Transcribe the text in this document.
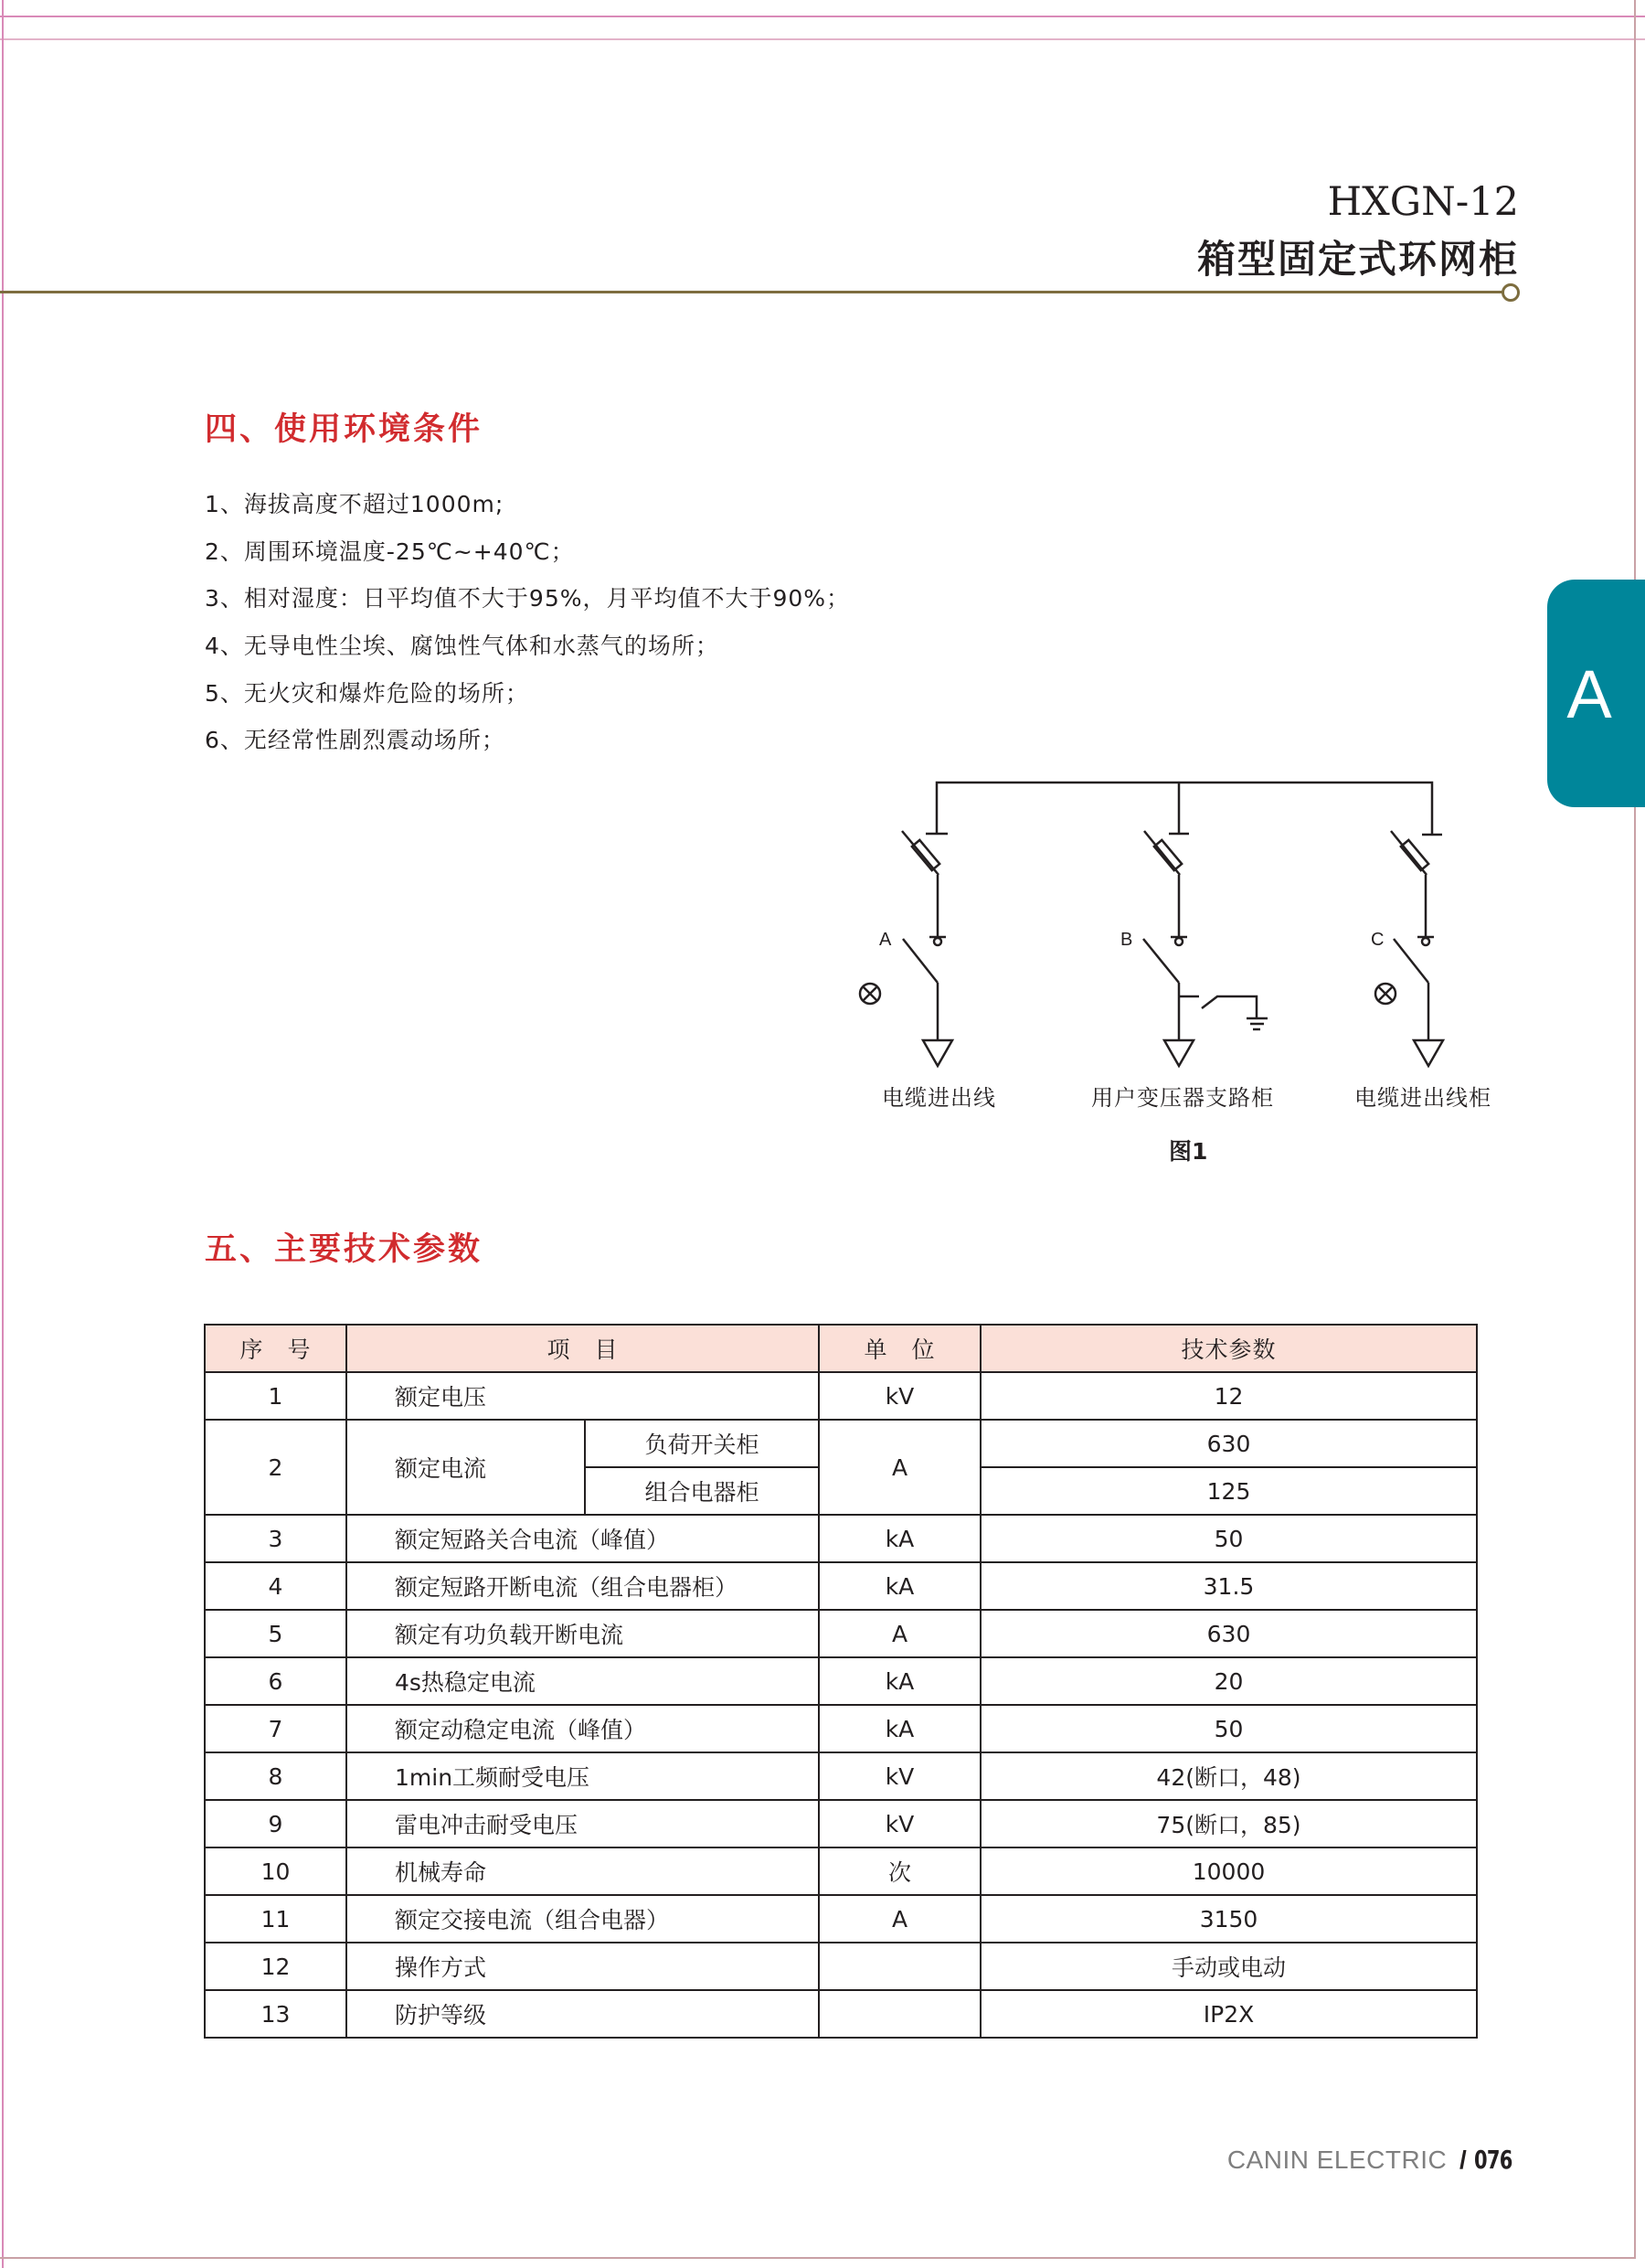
HXGN-12
箱型固定式环网柜
A
四、使用环境条件
1、海拔高度不超过1000m;
2、周围环境温度-25℃~+40℃；
3、相对湿度：日平均值不大于95%，月平均值不大于90%；
4、无导电性尘埃、腐蚀性气体和水蒸气的场所；
5、无火灾和爆炸危险的场所；
6、无经常性剧烈震动场所；
A	B	C
电缆进出线	用户变压器支路柜	电缆进出线柜
图1
五、主要技术参数
序　号	项　目		单　位	技术参数
1	额定电压		kV	12
2	额定电流	负荷开关柜	A	630
		组合电器柜		125
3	额定短路关合电流（峰值）		kA	50
4	额定短路开断电流（组合电器柜）		kA	31.5
5	额定有功负载开断电流		A	630
6	4s热稳定电流		kA	20
7	额定动稳定电流（峰值）		kA	50
8	1min工频耐受电压		kV	42(断口，48)
9	雷电冲击耐受电压		kV	75(断口，85)
10	机械寿命		次	10000
11	额定交接电流（组合电器）		A	3150
12	操作方式			手动或电动
13	防护等级			IP2X
CANIN ELECTRIC / 076
